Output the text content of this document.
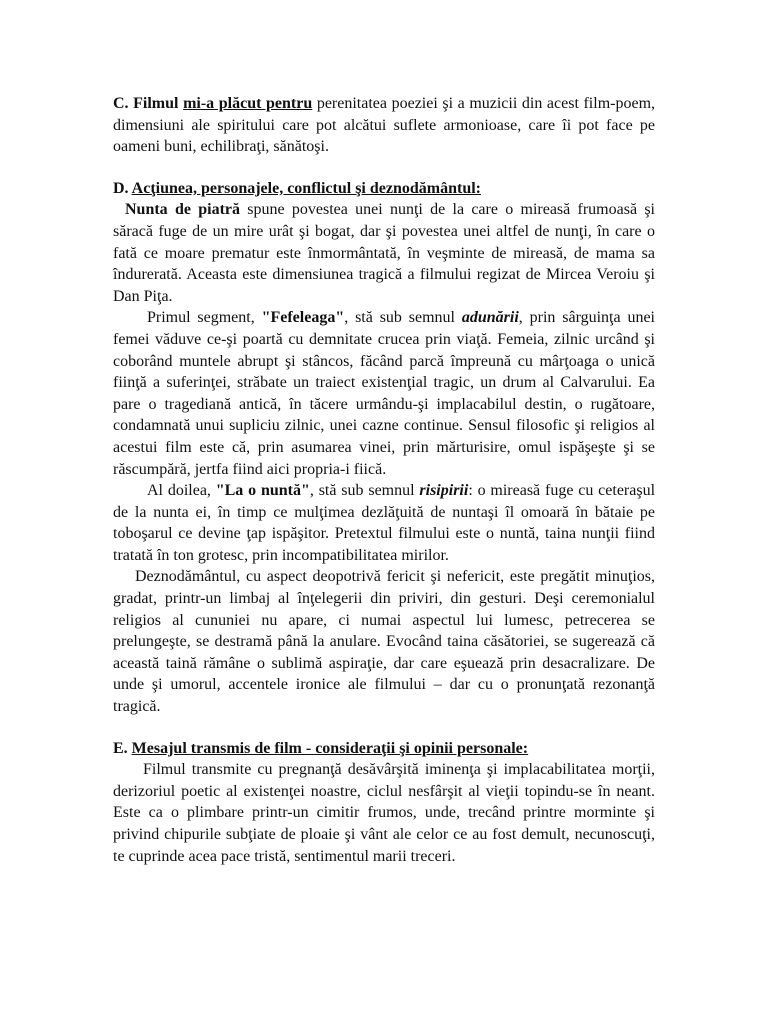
C. Filmul mi-a plăcut pentru perenitatea poeziei şi a muzicii din acest film-poem, dimensiuni ale spiritului care pot alcătui suflete armonioase, care îi pot face pe oameni buni, echilibraţi, sănătoşi.

D. Acţiunea, personajele, conflictul şi deznodământul:

Nunta de piatră spune povestea unei nunţi de la care o mireasă frumoasă şi săracă fuge de un mire urât şi bogat, dar şi povestea unei altfel de nunţi, în care o fată ce moare prematur este înmormântată, în veşminte de mireasă, de mama sa îndurerată. Aceasta este dimensiunea tragică a filmului regizat de Mircea Veroiu şi Dan Piţa.

Primul segment, "Fefeleaga", stă sub semnul adunării, prin sârguinţa unei femei văduve ce-şi poartă cu demnitate crucea prin viaţă. Femeia, zilnic urcând şi coborând muntele abrupt şi stâncos, făcând parcă împreună cu mârţoaga o unică fiinţă a suferinţei, străbate un traiect existenţial tragic, un drum al Calvarului. Ea pare o tragediană antică, în tăcere urmându-şi implacabilul destin, o rugătoare, condamnată unui supliciu zilnic, unei cazne continue. Sensul filosofic şi religios al acestui film este că, prin asumarea vinei, prin mărturisire, omul ispăşeşte şi se răscumpără, jertfa fiind aici propria-i fiică.

Al doilea, "La o nuntă", stă sub semnul risipirii: o mireasă fuge cu ceteraşul de la nunta ei, în timp ce mulţimea dezlăţuită de nuntaşi îl omoară în bătaie pe toboşarul ce devine ţap ispăşitor. Pretextul filmului este o nuntă, taina nunţii fiind tratată în ton grotesc, prin incompatibilitatea mirilor.

Deznodământul, cu aspect deopotrivă fericit şi nefericit, este pregătit minuţios, gradat, printr-un limbaj al înţelegerii din priviri, din gesturi. Deşi ceremonialul religios al cununiei nu apare, ci numai aspectul lui lumesc, petrecerea se prelungeşte, se destramă până la anulare. Evocând taina căsătoriei, se sugerează că această taină rămâne o sublimă aspiraţie, dar care eşuează prin desacralizare. De unde şi umorul, accentele ironice ale filmului – dar cu o pronunţată rezonanţă tragică.

E. Mesajul transmis de film - consideraţii şi opinii personale:

Filmul transmite cu pregnanţă desăvârşită iminenţa şi implacabilitatea morţii, derizoriul poetic al existenţei noastre, ciclul nesfârşit al vieţii topindu-se în neant. Este ca o plimbare printr-un cimitir frumos, unde, trecând printre morminte şi privind chipurile subţiate de ploaie şi vânt ale celor ce au fost demult, necunoscuţi, te cuprinde acea pace tristă, sentimentul marii treceri.
